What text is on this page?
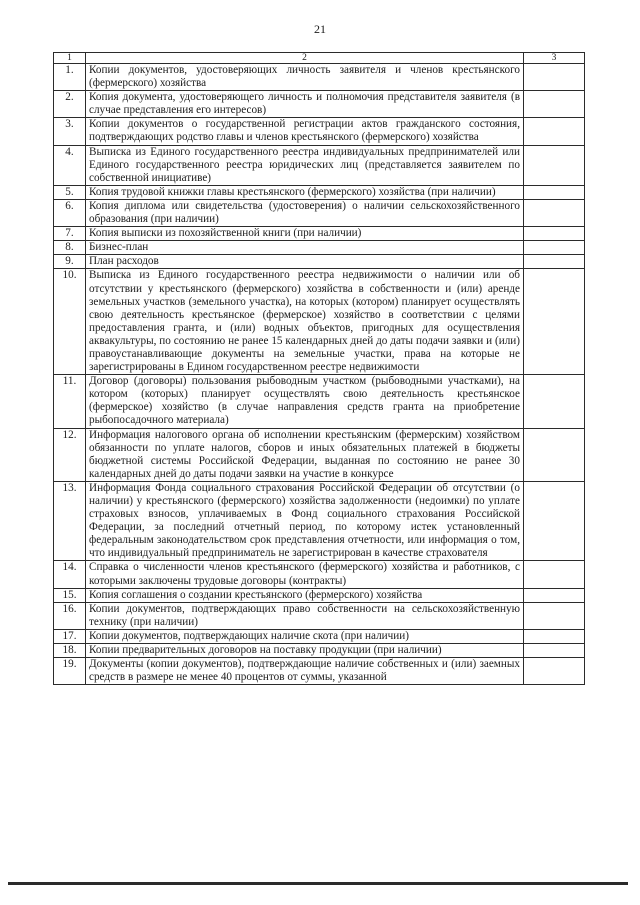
21
1	2	3
1.	Копии документов, удостоверяющих личность заявителя и членов крестьянского (фермерского) хозяйства	
2.	Копия документа, удостоверяющего личность и полномочия представителя заявителя (в случае представления его интересов)	
3.	Копии документов о государственной регистрации актов гражданского состояния, подтверждающих родство главы и членов крестьянского (фермерского) хозяйства	
4.	Выписка из Единого государственного реестра индивидуальных предпринимателей или Единого государственного реестра юридических лиц (представляется заявителем по собственной инициативе)	
5.	Копия трудовой книжки главы крестьянского (фермерского) хозяйства (при наличии)	
6.	Копия диплома или свидетельства (удостоверения) о наличии сельскохозяйственного образования (при наличии)	
7.	Копия выписки из похозяйственной книги (при наличии)	
8.	Бизнес-план	
9.	План расходов	
10.	Выписка из Единого государственного реестра недвижимости о наличии или об отсутствии у крестьянского (фермерского) хозяйства в собственности и (или) аренде земельных участков (земельного участка), на которых (котором) планирует осуществлять свою деятельность крестьянское (фермерское) хозяйство в соответствии с целями предоставления гранта, и (или) водных объектов, пригодных для осуществления аквакультуры, по состоянию не ранее 15 календарных дней до даты подачи заявки и (или) правоустанавливающие документы на земельные участки, права на которые не зарегистрированы в Едином государственном реестре недвижимости	
11.	Договор (договоры) пользования рыбоводным участком (рыбоводными участками), на котором (которых) планирует осуществлять свою деятельность крестьянское (фермерское) хозяйство (в случае направления средств гранта на приобретение рыбопосадочного материала)	
12.	Информация налогового органа об исполнении крестьянским (фермерским) хозяйством обязанности по уплате налогов, сборов и иных обязательных платежей в бюджеты бюджетной системы Российской Федерации, выданная по состоянию не ранее 30 календарных дней до даты подачи заявки на участие в конкурсе	
13.	Информация Фонда социального страхования Российской Федерации об отсутствии (о наличии) у крестьянского (фермерского) хозяйства задолженности (недоимки) по уплате страховых взносов, уплачиваемых в Фонд социального страхования Российской Федерации, за последний отчетный период, по которому истек установленный федеральным законодательством срок представления отчетности, или информация о том, что индивидуальный предприниматель не зарегистрирован в качестве страхователя	
14.	Справка о численности членов крестьянского (фермерского) хозяйства и работников, с которыми заключены трудовые договоры (контракты)	
15.	Копия соглашения о создании крестьянского (фермерского) хозяйства	
16.	Копии документов, подтверждающих право собственности на сельскохозяйственную технику (при наличии)	
17.	Копии документов, подтверждающих наличие скота (при наличии)	
18.	Копии предварительных договоров на поставку продукции (при наличии)	
19.	Документы (копии документов), подтверждающие наличие собственных и (или) заемных средств в размере не менее 40 процентов от суммы, указанной	
